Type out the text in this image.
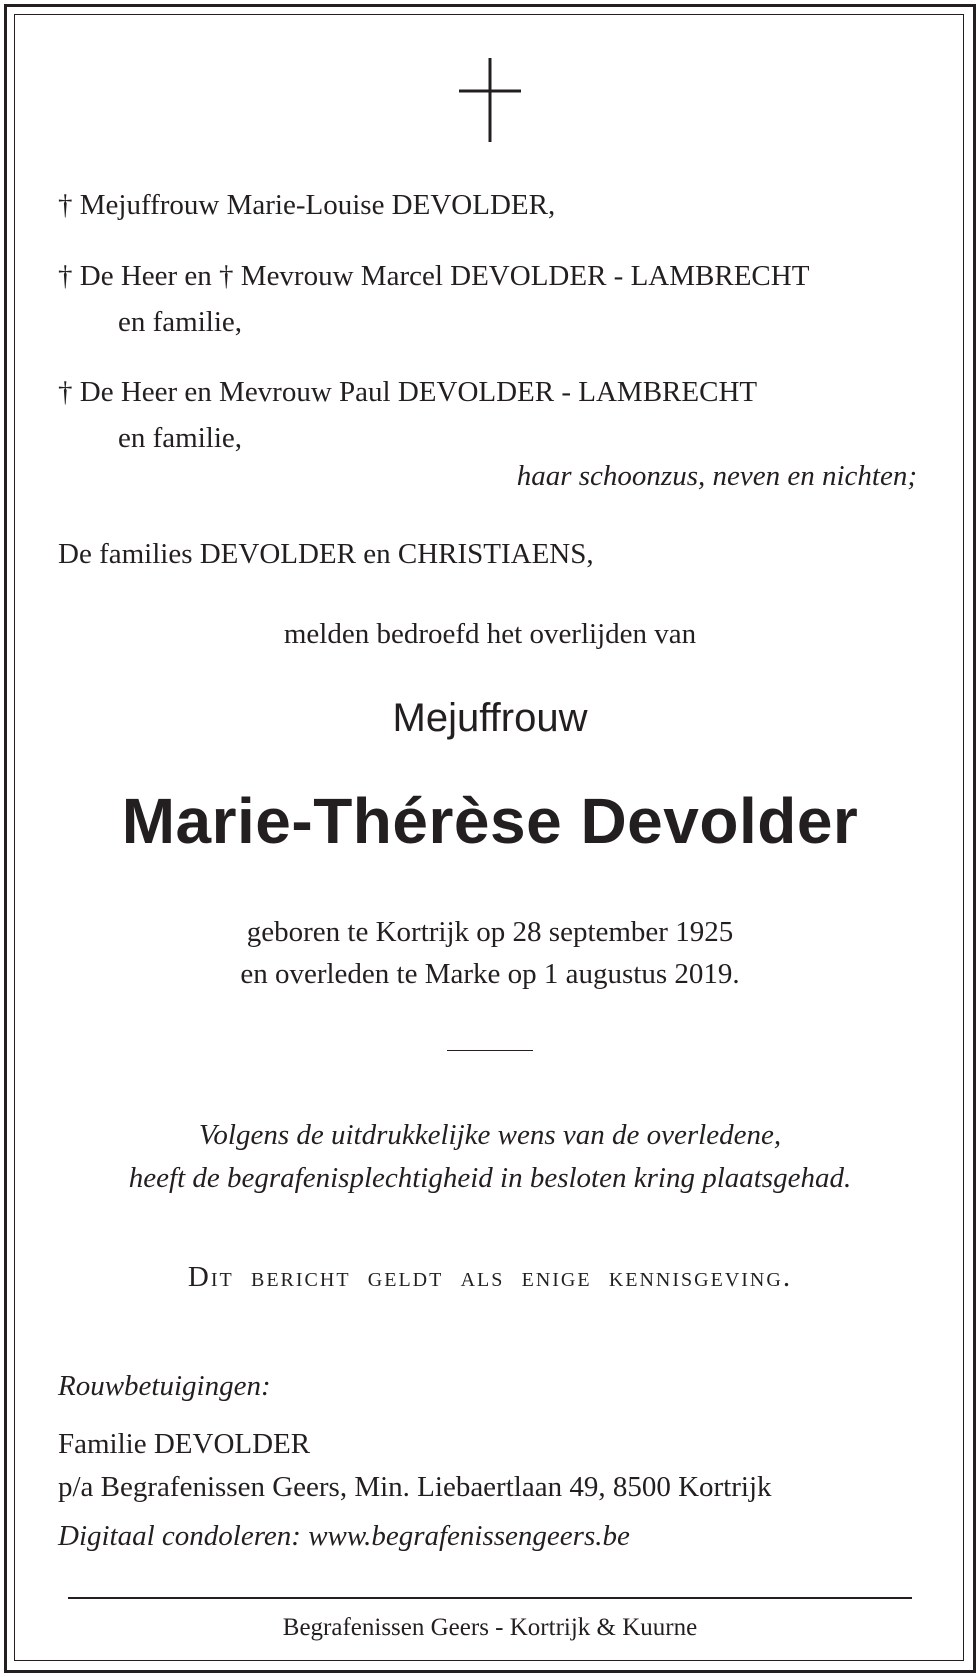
† Mejuffrouw Marie-Louise DEVOLDER,
† De Heer en † Mevrouw Marcel DEVOLDER - LAMBRECHT
en familie,
† De Heer en Mevrouw Paul DEVOLDER - LAMBRECHT
en familie,
haar schoonzus, neven en nichten;
De families DEVOLDER en CHRISTIAENS,
melden bedroefd het overlijden van
Mejuffrouw
Marie-Thérèse Devolder
geboren te Kortrijk op 28 september 1925
en overleden te Marke op 1 augustus 2019.
Volgens de uitdrukkelijke wens van de overledene,
heeft de begrafenisplechtigheid in besloten kring plaatsgehad.
Dit bericht geldt als enige kennisgeving.
Rouwbetuigingen:
Familie DEVOLDER
p/a Begrafenissen Geers, Min. Liebaertlaan 49, 8500 Kortrijk
Digitaal condoleren: www.begrafenissengeers.be
Begrafenissen Geers - Kortrijk & Kuurne
